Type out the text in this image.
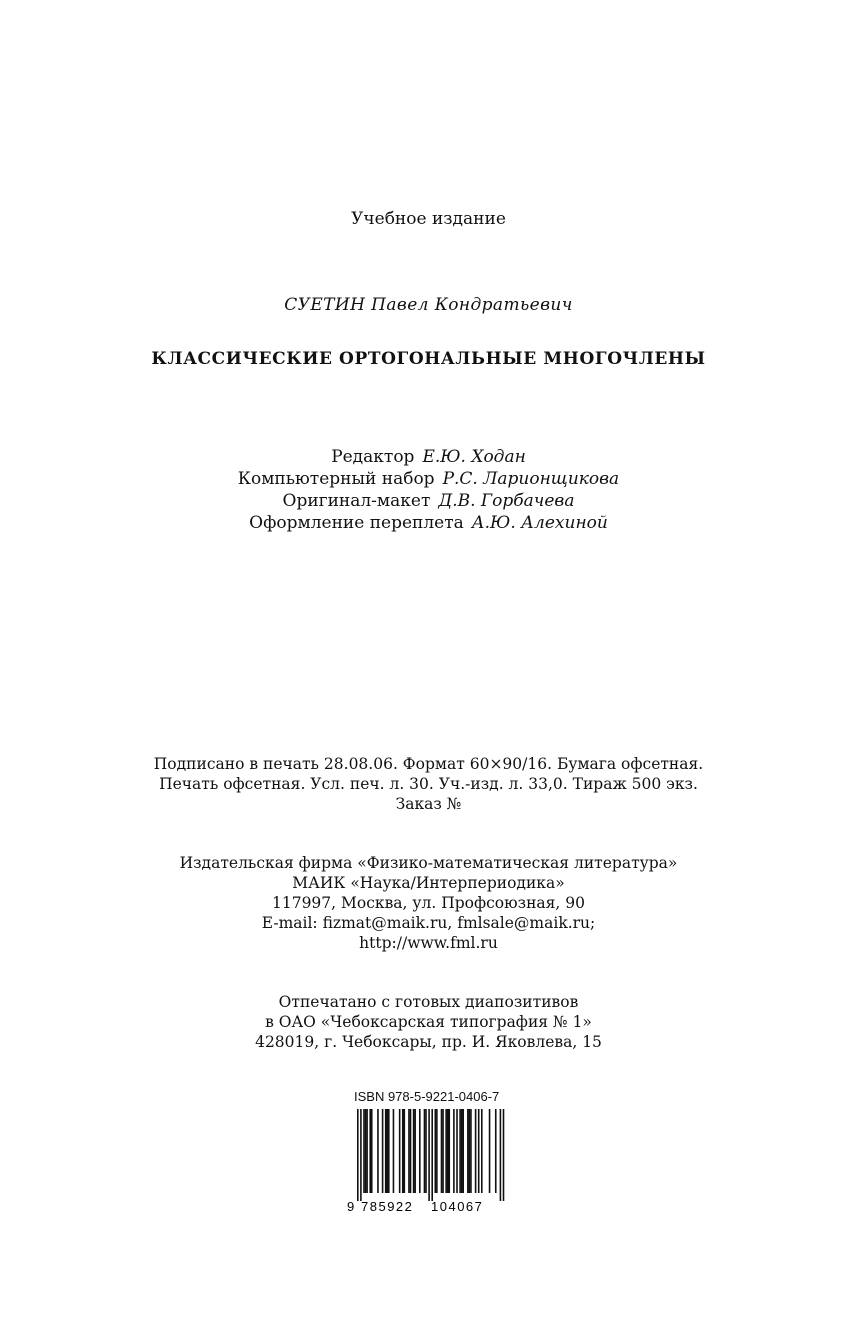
Учебное издание
СУЕТИН Павел Кондратьевич
КЛАССИЧЕСКИЕ ОРТОГОНАЛЬНЫЕ МНОГОЧЛЕНЫ
Редактор Е.Ю. Ходан
Компьютерный набор Р.С. Ларионщикова
Оригинал-макет Д.В. Горбачева
Оформление переплета А.Ю. Алехиной
Подписано в печать 28.08.06. Формат 60×90/16. Бумага офсетная.
Печать офсетная. Усл. печ. л. 30. Уч.-изд. л. 33,0. Тираж 500 экз.
Заказ №
Издательская фирма «Физико-математическая литература»
МАИК «Наука/Интерпериодика»
117997, Москва, ул. Профсоюзная, 90
E-mail: fizmat@maik.ru, fmlsale@maik.ru;
http://www.fml.ru
Отпечатано с готовых диапозитивов
в ОАО «Чебоксарская типография № 1»
428019, г. Чебоксары, пр. И. Яковлева, 15
ISBN 978-5-9221-0406-7
9 785922 104067
